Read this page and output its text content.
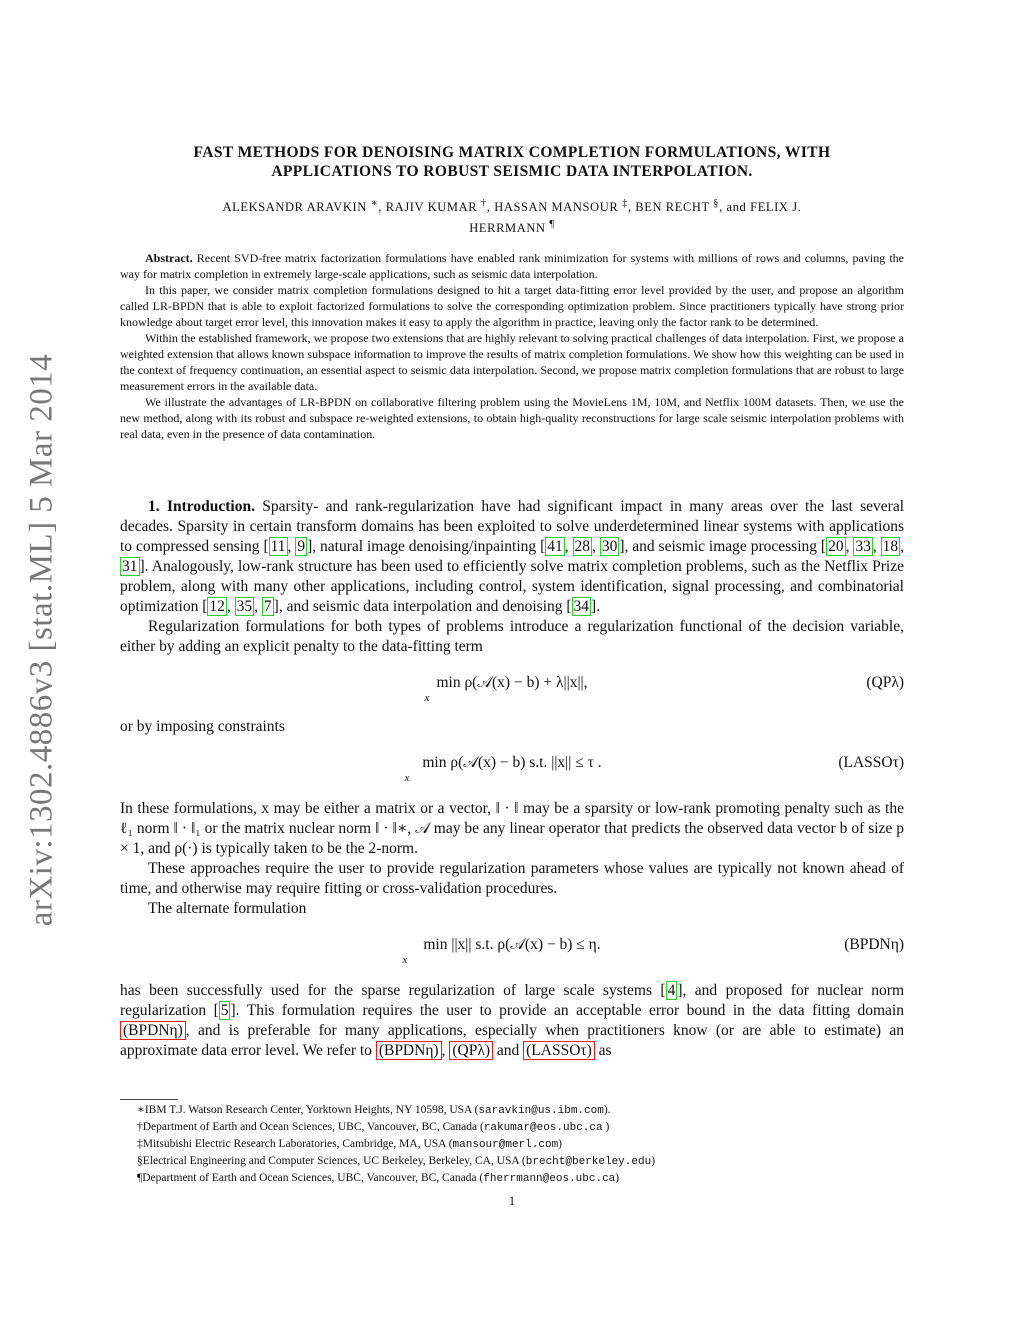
arXiv:1302.4886v3 [stat.ML] 5 Mar 2014
FAST METHODS FOR DENOISING MATRIX COMPLETION FORMULATIONS, WITH
APPLICATIONS TO ROBUST SEISMIC DATA INTERPOLATION.
ALEKSANDR ARAVKIN ∗, RAJIV KUMAR †, HASSAN MANSOUR ‡, BEN RECHT §, and FELIX J.
HERRMANN ¶

Abstract. Recent SVD-free matrix factorization formulations have enabled rank minimization for systems with millions of rows and columns, paving the way for matrix completion in extremely large-scale applications, such as seismic data interpolation.

In this paper, we consider matrix completion formulations designed to hit a target data-fitting error level provided by the user, and propose an algorithm called LR-BPDN that is able to exploit factorized formulations to solve the corresponding optimization problem. Since practitioners typically have strong prior knowledge about target error level, this innovation makes it easy to apply the algorithm in practice, leaving only the factor rank to be determined.

Within the established framework, we propose two extensions that are highly relevant to solving practical challenges of data interpolation. First, we propose a weighted extension that allows known subspace information to improve the results of matrix completion formulations. We show how this weighting can be used in the context of frequency continuation, an essential aspect to seismic data interpolation. Second, we propose matrix completion formulations that are robust to large measurement errors in the available data.

We illustrate the advantages of LR-BPDN on collaborative filtering problem using the MovieLens 1M, 10M, and Netflix 100M datasets. Then, we use the new method, along with its robust and subspace re-weighted extensions, to obtain high-quality reconstructions for large scale seismic interpolation problems with real data, even in the presence of data contamination.

1. Introduction. Sparsity- and rank-regularization have had significant impact in many areas over the last several decades. Sparsity in certain transform domains has been exploited to solve underdetermined linear systems with applications to compressed sensing [ 11 , 9 ], natural image denoising/inpainting [ 41 , 28 , 30 ], and seismic image processing [ 20 , 33 , 18 , 31 ]. Analogously, low-rank structure has been used to efficiently solve matrix completion problems, such as the Netflix Prize problem, along with many other applications, including control, system identification, signal processing, and combinatorial optimization [ 12 , 35 , 7 ], and seismic data interpolation and denoising [ 34 ].

Regularization formulations for both types of problems introduce a regularization functional of the decision variable, either by adding an explicit penalty to the data-fitting term

min ρ(𝒜(x) − b) + λ||x||,
$^x$
(QPλ)

or by imposing constraints

min ρ(𝒜(x) − b) s.t. ||x|| ≤ τ .
$^x$
(LASSOτ)

In these formulations, x may be either a matrix or a vector, ‖ · ‖ may be a sparsity or low-rank promoting penalty such as the ℓ₁ norm ‖ · ‖₁ or the matrix nuclear norm ‖ · ‖∗, 𝒜 may be any linear operator that predicts the observed data vector b of size p × 1, and ρ(·) is typically taken to be the 2-norm.

These approaches require the user to provide regularization parameters whose values are typically not known ahead of time, and otherwise may require fitting or cross-validation procedures.

The alternate formulation

min ||x|| s.t. ρ(𝒜(x) − b) ≤ η.
$^x$
(BPDNη)

has been successfully used for the sparse regularization of large scale systems [ 4 ], and proposed for nuclear norm regularization [ 5 ]. This formulation requires the user to provide an acceptable error bound in the data fitting domain (BPDNη) , and is preferable for many applications, especially when practitioners know (or are able to estimate) an approximate data error level. We refer to (BPDNη) , (QPλ) and (LASSOτ) as

∗IBM T.J. Watson Research Center, Yorktown Heights, NY 10598, USA (saravkin@us.ibm.com).
†Department of Earth and Ocean Sciences, UBC, Vancouver, BC, Canada (rakumar@eos.ubc.ca )
‡Mitsubishi Electric Research Laboratories, Cambridge, MA, USA (mansour@merl.com)
§Electrical Engineering and Computer Sciences, UC Berkeley, Berkeley, CA, USA (brecht@berkeley.edu)
¶Department of Earth and Ocean Sciences, UBC, Vancouver, BC, Canada (fherrmann@eos.ubc.ca)
1
